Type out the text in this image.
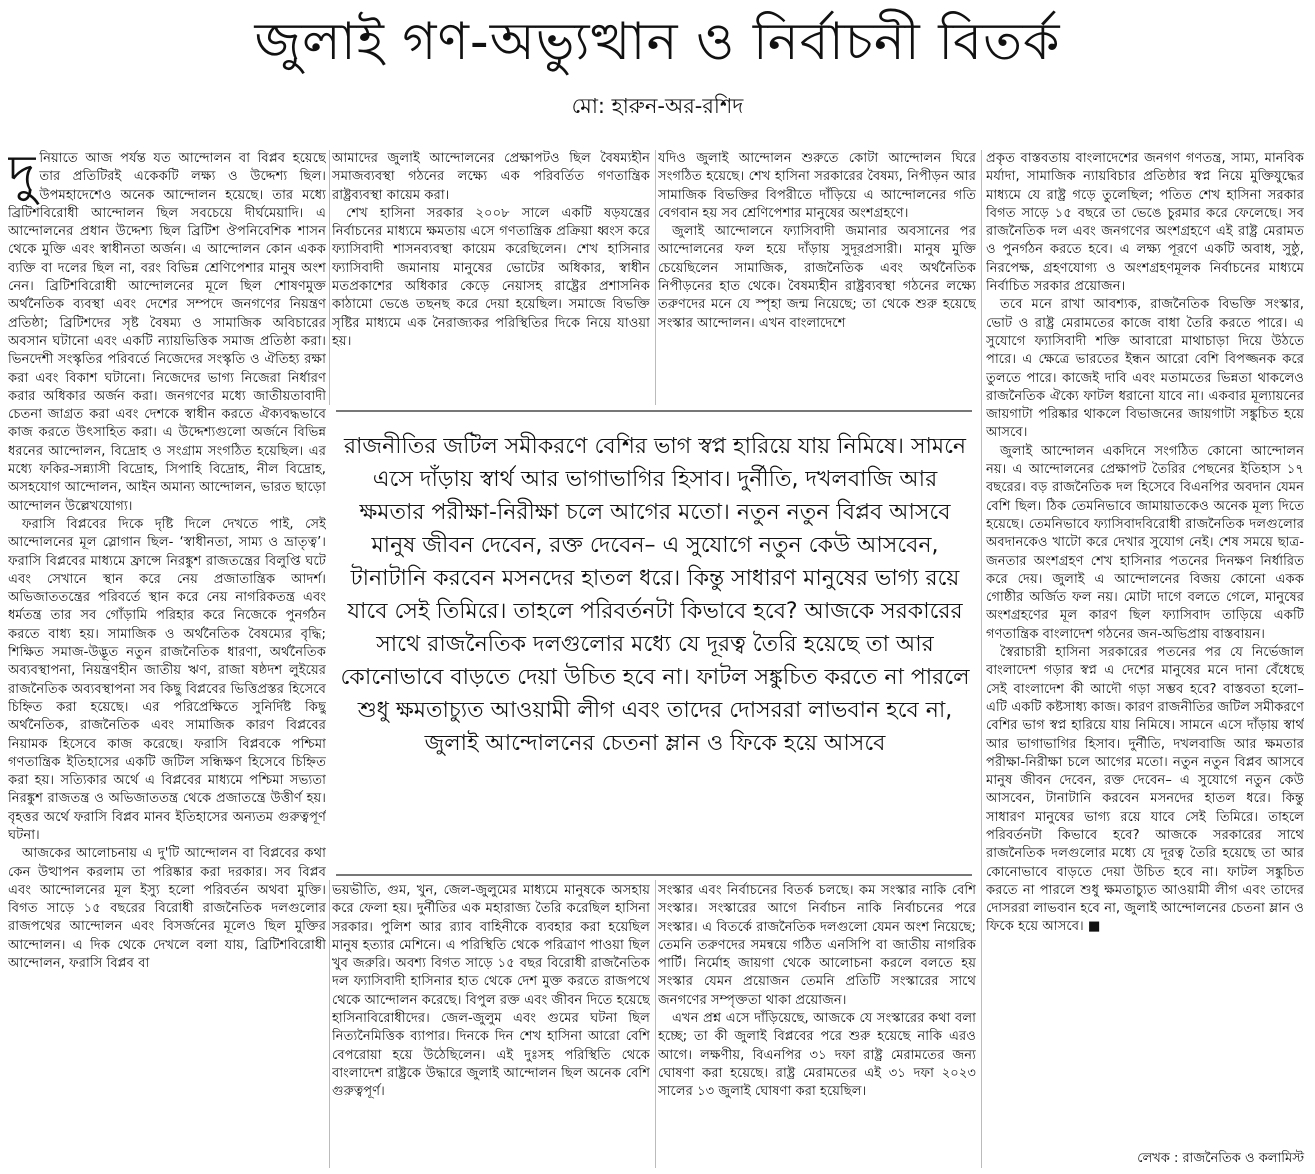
জুলাই গণ-অভ্যুত্থান ও নির্বাচনী বিতর্ক
মো: হারুন-অর-রশিদ

দুনিয়াতে আজ পর্যন্ত যত আন্দোলন বা বিপ্লব হয়েছে তার প্রতিটিরই একেকটি লক্ষ্য ও উদ্দেশ্য ছিল। উপমহাদেশেও অনেক আন্দোলন হয়েছে। তার মধ্যে ব্রিটিশবিরোধী আন্দোলন ছিল সবচেয়ে দীর্ঘমেয়াদি। এ আন্দোলনের প্রধান উদ্দেশ্য ছিল ব্রিটিশ ঔপনিবেশিক শাসন থেকে মুক্তি এবং স্বাধীনতা অর্জন। এ আন্দোলন কোন একক ব্যক্তি বা দলের ছিল না, বরং বিভিন্ন শ্রেণিপেশার মানুষ অংশ নেন। ব্রিটিশবিরোধী আন্দোলনের মূলে ছিল শোষণমুক্ত অর্থনৈতিক ব্যবস্থা এবং দেশের সম্পদে জনগণের নিয়ন্ত্রণ প্রতিষ্ঠা; ব্রিটিশদের সৃষ্ট বৈষম্য ও সামাজিক অবিচারের অবসান ঘটানো এবং একটি ন্যায়ভিত্তিক সমাজ প্রতিষ্ঠা করা। ভিনদেশী সংস্কৃতির পরিবর্তে নিজেদের সংস্কৃতি ও ঐতিহ্য রক্ষা করা এবং বিকাশ ঘটানো। নিজেদের ভাগ্য নিজেরা নির্ধারণ করার অধিকার অর্জন করা। জনগণের মধ্যে জাতীয়তাবাদী চেতনা জাগ্রত করা এবং দেশকে স্বাধীন করতে ঐক্যবদ্ধভাবে কাজ করতে উৎসাহিত করা। এ উদ্দেশ্যগুলো অর্জনে বিভিন্ন ধরনের আন্দোলন, বিদ্রোহ ও সংগ্রাম সংগঠিত হয়েছিল। এর মধ্যে ফকির-সন্ন্যাসী বিদ্রোহ, সিপাহি বিদ্রোহ, নীল বিদ্রোহ, অসহযোগ আন্দোলন, আইন অমান্য আন্দোলন, ভারত ছাড়ো আন্দোলন উল্লেখযোগ্য।

ফরাসি বিপ্লবের দিকে দৃষ্টি দিলে দেখতে পাই, সেই আন্দোলনের মূল স্লোগান ছিল- ‘স্বাধীনতা, সাম্য ও ভ্রাতৃত্ব’। ফরাসি বিপ্লবের মাধ্যমে ফ্রান্সে নিরঙ্কুশ রাজতন্ত্রের বিলুপ্তি ঘটে এবং সেখানে স্থান করে নেয় প্রজাতান্ত্রিক আদর্শ। অভিজাততন্ত্রের পরিবর্তে স্থান করে নেয় নাগরিকতন্ত্র এবং ধর্মতন্ত্র তার সব গোঁড়ামি পরিহার করে নিজেকে পুনর্গঠন করতে বাধ্য হয়। সামাজিক ও অর্থনৈতিক বৈষম্যের বৃদ্ধি; শিক্ষিত সমাজ-উদ্ভূত নতুন রাজনৈতিক ধারণা, অর্থনৈতিক অব্যবস্থাপনা, নিয়ন্ত্রণহীন জাতীয় ঋণ, রাজা ষষ্ঠদশ লুইয়ের রাজনৈতিক অব্যবস্থাপনা সব কিছু বিপ্লবের ভিত্তিপ্রস্তর হিসেবে চিহ্নিত করা হয়েছে। এর পরিপ্রেক্ষিতে সুনির্দিষ্ট কিছু অর্থনৈতিক, রাজনৈতিক এবং সামাজিক কারণ বিপ্লবের নিয়ামক হিসেবে কাজ করেছে। ফরাসি বিপ্লবকে পশ্চিমা গণতান্ত্রিক ইতিহাসের একটি জটিল সন্ধিক্ষণ হিসেবে চিহ্নিত করা হয়। সত্যিকার অর্থে এ বিপ্লবের মাধ্যমে পশ্চিমা সভ্যতা নিরঙ্কুশ রাজতন্ত্র ও অভিজাততন্ত্র থেকে প্রজাতন্ত্রে উত্তীর্ণ হয়। বৃহত্তর অর্থে ফরাসি বিপ্লব মানব ইতিহাসের অন্যতম গুরুত্বপূর্ণ ঘটনা।

আজকের আলোচনায় এ দু'টি আন্দোলন বা বিপ্লবের কথা কেন উত্থাপন করলাম তা পরিষ্কার করা দরকার। সব বিপ্লব এবং আন্দোলনের মূল ইস্যু হলো পরিবর্তন অথবা মুক্তি। বিগত সাড়ে ১৫ বছরের বিরোধী রাজনৈতিক দলগুলোর রাজপথের আন্দোলন এবং বিসর্জনের মূলেও ছিল মুক্তির আন্দোলন। এ দিক থেকে দেখলে বলা যায়, ব্রিটিশবিরোধী আন্দোলন, ফরাসি বিপ্লব বা

আমাদের জুলাই আন্দোলনের প্রেক্ষাপটও ছিল বৈষম্যহীন সমাজব্যবস্থা গঠনের লক্ষ্যে এক পরিবর্তিত গণতান্ত্রিক রাষ্ট্রব্যবস্থা কায়েম করা।

শেখ হাসিনা সরকার ২০০৮ সালে একটি ষড়যন্ত্রের নির্বাচনের মাধ্যমে ক্ষমতায় এসে গণতান্ত্রিক প্রক্রিয়া ধ্বংস করে ফ্যাসিবাদী শাসনব্যবস্থা কায়েম করেছিলেন। শেখ হাসিনার ফ্যাসিবাদী জমানায় মানুষের ভোটের অধিকার, স্বাধীন মতপ্রকাশের অধিকার কেড়ে নেয়াসহ রাষ্ট্রের প্রশাসনিক কাঠামো ভেঙে তছনছ করে দেয়া হয়েছিল। সমাজে বিভক্তি সৃষ্টির মাধ্যমে এক নৈরাজ্যকর পরিস্থিতির দিকে নিয়ে যাওয়া হয়।

যদিও জুলাই আন্দোলন শুরুতে কোটা আন্দোলন ঘিরে সংগঠিত হয়েছে। শেখ হাসিনা সরকারের বৈষম্য, নিপীড়ন আর সামাজিক বিভক্তির বিপরীতে দাঁড়িয়ে এ আন্দোলনের গতি বেগবান হয় সব শ্রেণিপেশার মানুষের অংশগ্রহণে।

জুলাই আন্দোলনে ফ্যাসিবাদী জমানার অবসানের পর আন্দোলনের ফল হয়ে দাঁড়ায় সুদূরপ্রসারী। মানুষ মুক্তি চেয়েছিলেন সামাজিক, রাজনৈতিক এবং অর্থনৈতিক নিপীড়নের হাত থেকে। বৈষম্যহীন রাষ্ট্রব্যবস্থা গঠনের লক্ষ্যে তরুণদের মনে যে স্পৃহা জন্ম নিয়েছে; তা থেকে শুরু হয়েছে সংস্কার আন্দোলন। এখন বাংলাদেশে

রাজনীতির জটিল সমীকরণে বেশির ভাগ স্বপ্ন হারিয়ে যায় নিমিষে। সামনে এসে দাঁড়ায় স্বার্থ আর ভাগাভাগির হিসাব। দুর্নীতি, দখলবাজি আর ক্ষমতার পরীক্ষা-নিরীক্ষা চলে আগের মতো। নতুন নতুন বিপ্লব আসবে মানুষ জীবন দেবেন, রক্ত দেবেন– এ সুযোগে নতুন কেউ আসবেন, টানাটানি করবেন মসনদের হাতল ধরে। কিন্তু সাধারণ মানুষের ভাগ্য রয়ে যাবে সেই তিমিরে। তাহলে পরিবর্তনটা কিভাবে হবে? আজকে সরকারের সাথে রাজনৈতিক দলগুলোর মধ্যে যে দূরত্ব তৈরি হয়েছে তা আর কোনোভাবে বাড়তে দেয়া উচিত হবে না। ফাটল সঙ্কুচিত করতে না পারলে শুধু ক্ষমতাচ্যুত আওয়ামী লীগ এবং তাদের দোসররা লাভবান হবে না, জুলাই আন্দোলনের চেতনা ম্লান ও ফিকে হয়ে আসবে

ভয়ভীতি, গুম, খুন, জেল-জুলুমের মাধ্যমে মানুষকে অসহায় করে ফেলা হয়। দুর্নীতির এক মহারাজ্য তৈরি করেছিল হাসিনা সরকার। পুলিশ আর র‍্যাব বাহিনীকে ব্যবহার করা হয়েছিল মানুষ হত্যার মেশিনে। এ পরিস্থিতি থেকে পরিত্রাণ পাওয়া ছিল খুব জরুরি। অবশ্য বিগত সাড়ে ১৫ বছর বিরোধী রাজনৈতিক দল ফ্যাসিবাদী হাসিনার হাত থেকে দেশ মুক্ত করতে রাজপথে থেকে আন্দোলন করেছে। বিপুল রক্ত এবং জীবন দিতে হয়েছে হাসিনাবিরোধীদের। জেল-জুলুম এবং গুমের ঘটনা ছিল নিত্যনৈমিত্তিক ব্যাপার। দিনকে দিন শেখ হাসিনা আরো বেশি বেপরোয়া হয়ে উঠেছিলেন। এই দুঃসহ পরিস্থিতি থেকে বাংলাদেশ রাষ্ট্রকে উদ্ধারে জুলাই আন্দোলন ছিল অনেক বেশি গুরুত্বপূর্ণ।

সংস্কার এবং নির্বাচনের বিতর্ক চলছে। কম সংস্কার নাকি বেশি সংস্কার। সংস্কারের আগে নির্বাচন নাকি নির্বাচনের পরে সংস্কার। এ বিতর্কে রাজনৈতিক দলগুলো যেমন অংশ নিয়েছে; তেমনি তরুণদের সমন্বয়ে গঠিত এনসিপি বা জাতীয় নাগরিক পার্টি। নির্মোহ জায়গা থেকে আলোচনা করলে বলতে হয় সংস্কার যেমন প্রয়োজন তেমনি প্রতিটি সংস্কারের সাথে জনগণের সম্পৃক্ততা থাকা প্রয়োজন।

এখন প্রশ্ন এসে দাঁড়িয়েছে, আজকে যে সংস্কারের কথা বলা হচ্ছে; তা কী জুলাই বিপ্লবের পরে শুরু হয়েছে নাকি এরও আগে। লক্ষণীয়, বিএনপির ৩১ দফা রাষ্ট্র মেরামতের জন্য ঘোষণা করা হয়েছে। রাষ্ট্র মেরামতের এই ৩১ দফা ২০২৩ সালের ১৩ জুলাই ঘোষণা করা হয়েছিল।

প্রকৃত বাস্তবতায় বাংলাদেশের জনগণ গণতন্ত্র, সাম্য, মানবিক মর্যাদা, সামাজিক ন্যায়বিচার প্রতিষ্ঠার স্বপ্ন নিয়ে মুক্তিযুদ্ধের মাধ্যমে যে রাষ্ট্র গড়ে তুলেছিল; পতিত শেখ হাসিনা সরকার বিগত সাড়ে ১৫ বছরে তা ভেঙে চুরমার করে ফেলেছে। সব রাজনৈতিক দল এবং জনগণের অংশগ্রহণে এই রাষ্ট্র মেরামত ও পুনর্গঠন করতে হবে। এ লক্ষ্য পূরণে একটি অবাধ, সুষ্ঠু, নিরপেক্ষ, গ্রহণযোগ্য ও অংশগ্রহণমূলক নির্বাচনের মাধ্যমে নির্বাচিত সরকার প্রয়োজন।

তবে মনে রাখা আবশ্যক, রাজনৈতিক বিভক্তি সংস্কার, ভোট ও রাষ্ট্র মেরামতের কাজে বাধা তৈরি করতে পারে। এ সুযোগে ফ্যাসিবাদী শক্তি আবারো মাথাচাড়া দিয়ে উঠতে পারে। এ ক্ষেত্রে ভারতের ইন্ধন আরো বেশি বিপজ্জনক করে তুলতে পারে। কাজেই দাবি এবং মতামতের ভিন্নতা থাকলেও রাজনৈতিক ঐক্যে ফাটল ধরানো যাবে না। একবার মূল্যায়নের জায়গাটা পরিষ্কার থাকলে বিভাজনের জায়গাটা সঙ্কুচিত হয়ে আসবে।

জুলাই আন্দোলন একদিনে সংগঠিত কোনো আন্দোলন নয়। এ আন্দোলনের প্রেক্ষাপট তৈরির পেছনের ইতিহাস ১৭ বছরের। বড় রাজনৈতিক দল হিসেবে বিএনপির অবদান যেমন বেশি ছিল। ঠিক তেমনিভাবে জামায়াতকেও অনেক মূল্য দিতে হয়েছে। তেমনিভাবে ফ্যাসিবাদবিরোধী রাজনৈতিক দলগুলোর অবদানকেও খাটো করে দেখার সুযোগ নেই। শেষ সময়ে ছাত্র-জনতার অংশগ্রহণ শেখ হাসিনার পতনের দিনক্ষণ নির্ধারিত করে দেয়। জুলাই এ আন্দোলনের বিজয় কোনো একক গোষ্ঠীর অর্জিত ফল নয়। মোটা দাগে বলতে গেলে, মানুষের অংশগ্রহণের মূল কারণ ছিল ফ্যাসিবাদ তাড়িয়ে একটি গণতান্ত্রিক বাংলাদেশ গঠনের জন-অভিপ্রায় বাস্তবায়ন।

স্বৈরাচারী হাসিনা সরকারের পতনের পর যে নির্ভেজাল বাংলাদেশ গড়ার স্বপ্ন এ দেশের মানুষের মনে দানা বেঁধেছে সেই বাংলাদেশ কী আদৌ গড়া সম্ভব হবে? বাস্তবতা হলো– এটি একটি কষ্টসাধ্য কাজ। কারণ রাজনীতির জটিল সমীকরণে বেশির ভাগ স্বপ্ন হারিয়ে যায় নিমিষে। সামনে এসে দাঁড়ায় স্বার্থ আর ভাগাভাগির হিসাব। দুর্নীতি, দখলবাজি আর ক্ষমতার পরীক্ষা-নিরীক্ষা চলে আগের মতো। নতুন নতুন বিপ্লব আসবে মানুষ জীবন দেবেন, রক্ত দেবেন– এ সুযোগে নতুন কেউ আসবেন, টানাটানি করবেন মসনদের হাতল ধরে। কিন্তু সাধারণ মানুষের ভাগ্য রয়ে যাবে সেই তিমিরে। তাহলে পরিবর্তনটা কিভাবে হবে? আজকে সরকারের সাথে রাজনৈতিক দলগুলোর মধ্যে যে দূরত্ব তৈরি হয়েছে তা আর কোনোভাবে বাড়তে দেয়া উচিত হবে না। ফাটল সঙ্কুচিত করতে না পারলে শুধু ক্ষমতাচ্যুত আওয়ামী লীগ এবং তাদের দোসররা লাভবান হবে না, জুলাই আন্দোলনের চেতনা ম্লান ও ফিকে হয়ে আসবে। ■

লেখক : রাজনৈতিক ও কলামিস্ট
